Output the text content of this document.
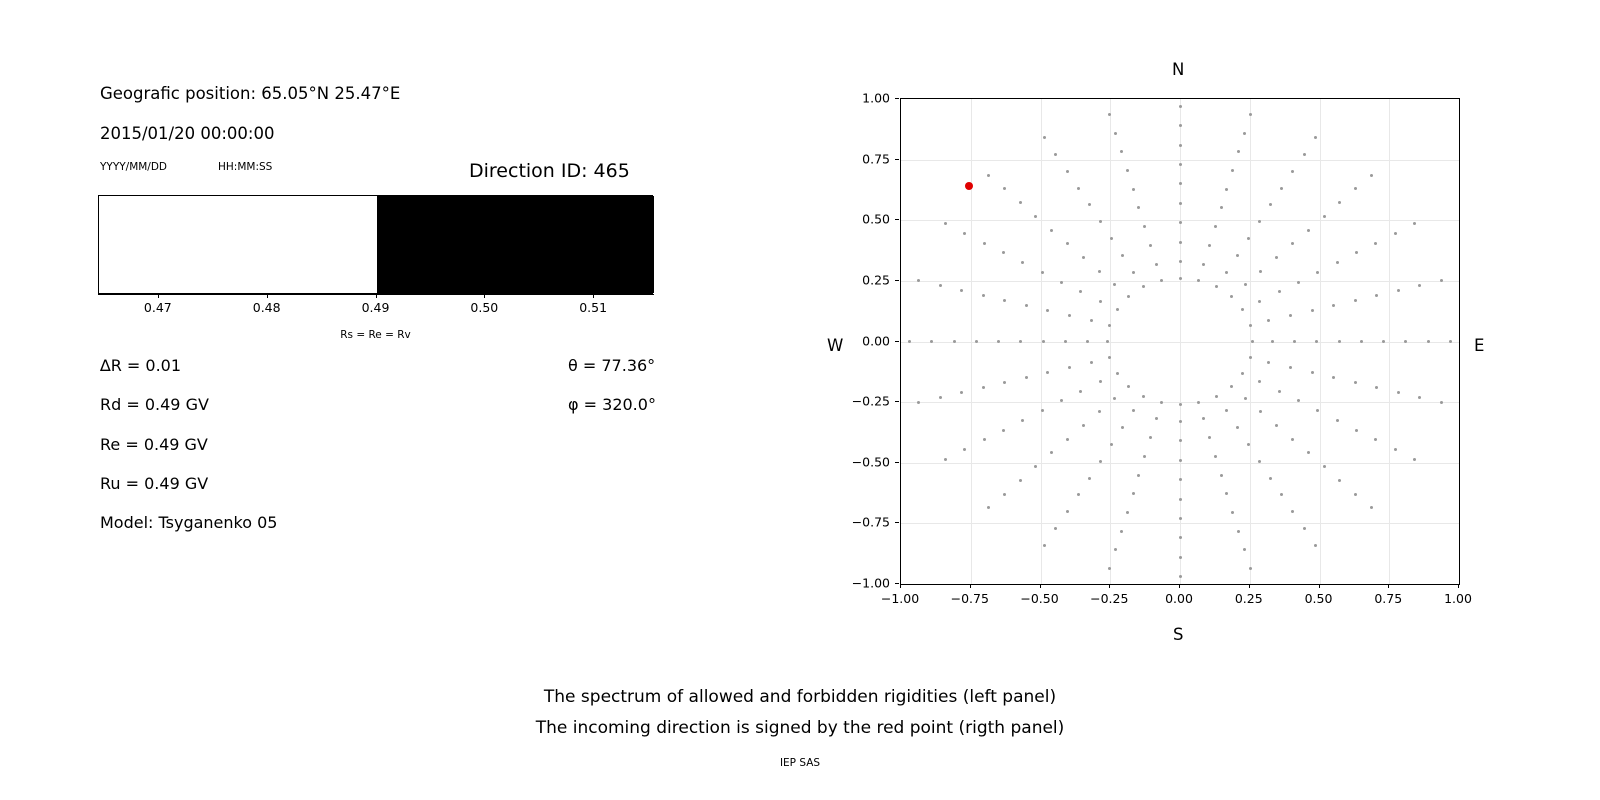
Geografic position: 65.05°N 25.47°E
2015/01/20 00:00:00
YYYY/MM/DD	HH:MM:SS	Direction ID: 465
0.47	0.48	0.49	0.50	0.51
Rs = Re = Rv
∆R = 0.01
Rd = 0.49 GV
Re = 0.49 GV
Ru = 0.49 GV
Model: Tsyganenko 05
θ = 77.36°
φ = 320.0°
−1.00	−0.75	−0.50	−0.25	0.00	0.25	0.50	0.75	1.00
−1.00
−0.75
−0.50
−0.25
0.00
0.25
0.50
0.75
1.00
N
S
W	E
The spectrum of allowed and forbidden rigidities (left panel)
The incoming direction is signed by the red point (rigth panel)
IEP SAS
